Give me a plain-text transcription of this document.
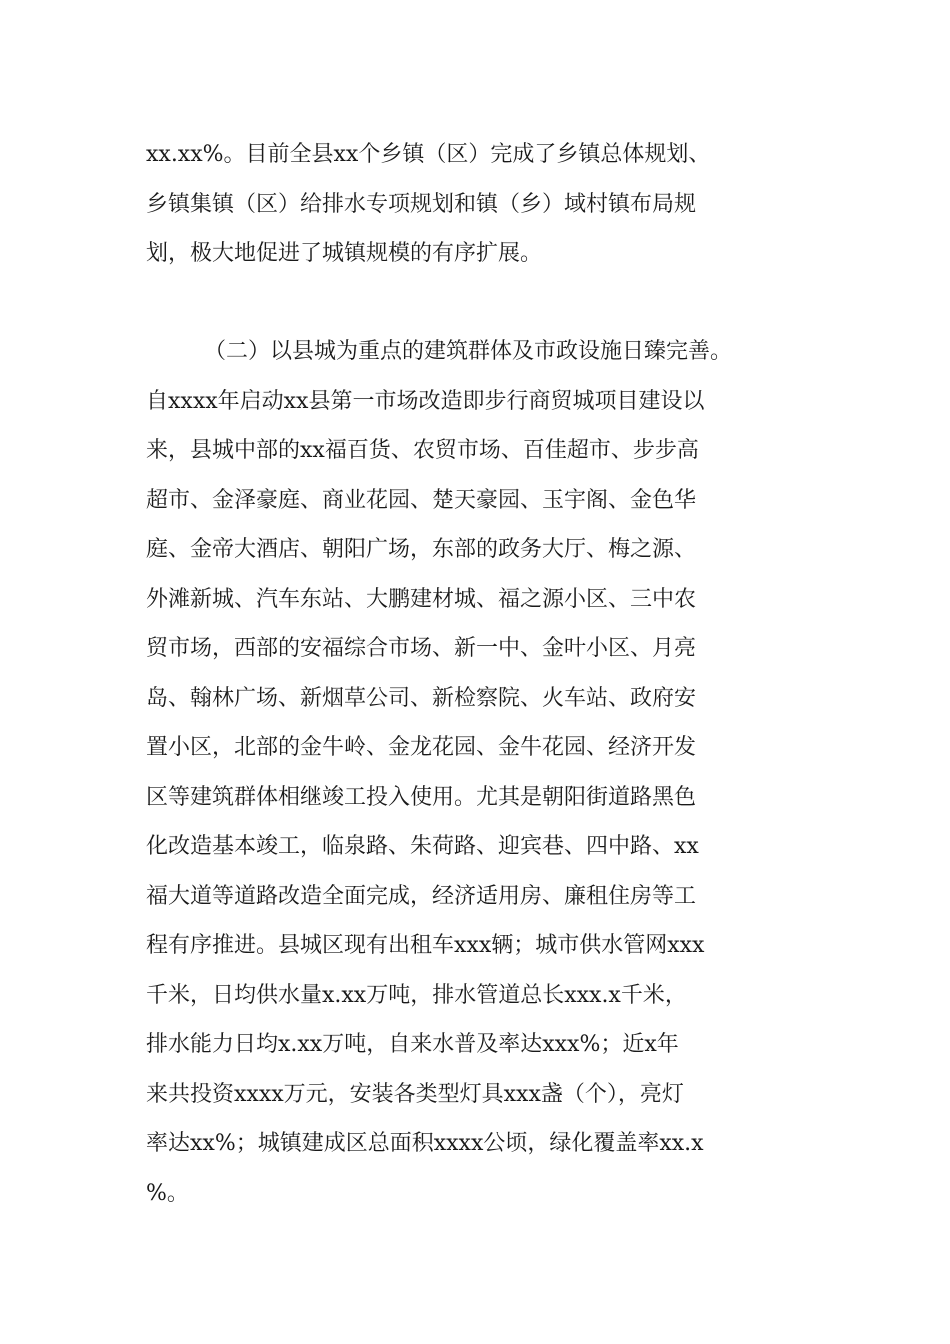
xx.xx%。目前全县xx个乡镇（区）完成了乡镇总体规划、
乡镇集镇（区）给排水专项规划和镇（乡）域村镇布局规
划，极大地促进了城镇规模的有序扩展。
（二）以县城为重点的建筑群体及市政设施日臻完善。
自xxxx年启动xx县第一市场改造即步行商贸城项目建设以
来，县城中部的xx福百货、农贸市场、百佳超市、步步高
超市、金泽豪庭、商业花园、楚天豪园、玉宇阁、金色华
庭、金帝大酒店、朝阳广场，东部的政务大厅、梅之源、
外滩新城、汽车东站、大鹏建材城、福之源小区、三中农
贸市场，西部的安福综合市场、新一中、金叶小区、月亮
岛、翰林广场、新烟草公司、新检察院、火车站、政府安
置小区，北部的金牛岭、金龙花园、金牛花园、经济开发
区等建筑群体相继竣工投入使用。尤其是朝阳街道路黑色
化改造基本竣工，临泉路、朱荷路、迎宾巷、四中路、xx
福大道等道路改造全面完成，经济适用房、廉租住房等工
程有序推进。县城区现有出租车xxx辆；城市供水管网xxx
千米，日均供水量x.xx万吨，排水管道总长xxx.x千米，
排水能力日均x.xx万吨，自来水普及率达xxx%；近x年
来共投资xxxx万元，安装各类型灯具xxx盏（个），亮灯
率达xx%；城镇建成区总面积xxxx公顷，绿化覆盖率xx.x
%。
